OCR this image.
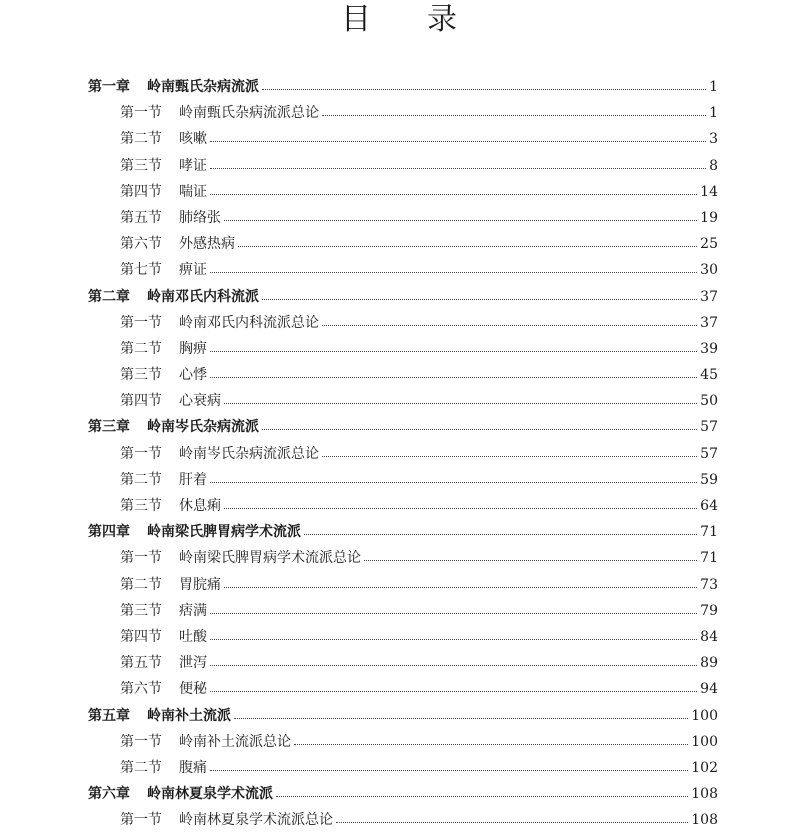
目录
第一章 岭南甄氏杂病流派	1
第一节 岭南甄氏杂病流派总论	1
第二节 咳嗽	3
第三节 哮证	8
第四节 喘证	14
第五节 肺络张	19
第六节 外感热病	25
第七节 痹证	30
第二章 岭南邓氏内科流派	37
第一节 岭南邓氏内科流派总论	37
第二节 胸痹	39
第三节 心悸	45
第四节 心衰病	50
第三章 岭南岑氏杂病流派	57
第一节 岭南岑氏杂病流派总论	57
第二节 肝着	59
第三节 休息痢	64
第四章 岭南梁氏脾胃病学术流派	71
第一节 岭南梁氏脾胃病学术流派总论	71
第二节 胃脘痛	73
第三节 痞满	79
第四节 吐酸	84
第五节 泄泻	89
第六节 便秘	94
第五章 岭南补土流派	100
第一节 岭南补土流派总论	100
第二节 腹痛	102
第六章 岭南林夏泉学术流派	108
第一节 岭南林夏泉学术流派总论	108
